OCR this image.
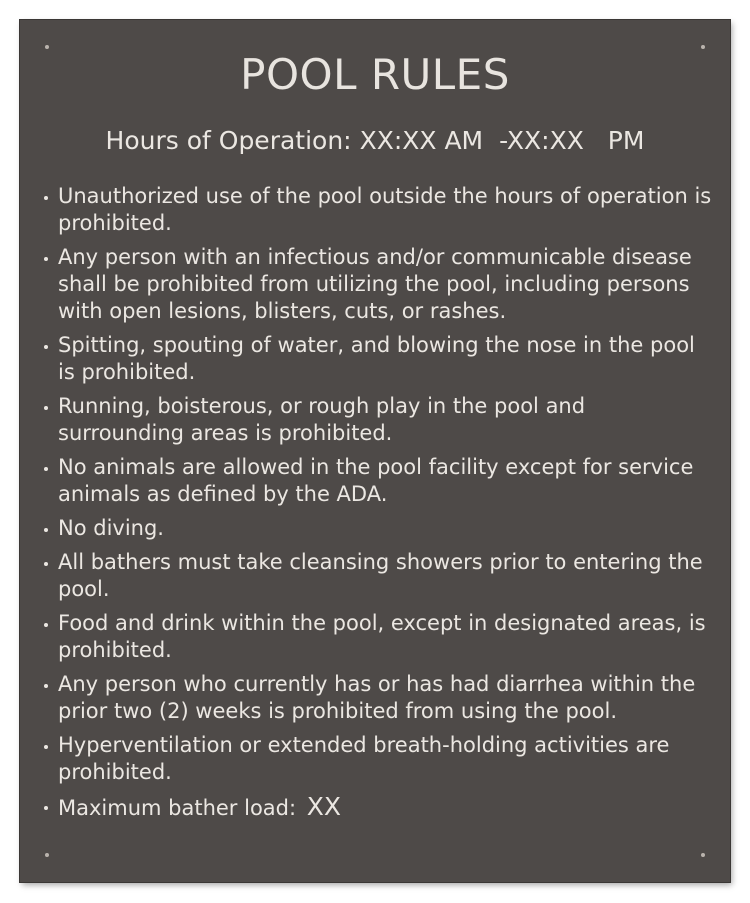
POOL RULES
Hours of Operation: XX:XX AM -XX:XX PM
Unauthorized use of the pool outside the hours of operation is prohibited.
Any person with an infectious and/or communicable disease shall be prohibited from utilizing the pool, including persons with open lesions, blisters, cuts, or rashes.
Spitting, spouting of water, and blowing the nose in the pool is prohibited.
Running, boisterous, or rough play in the pool and surrounding areas is prohibited.
No animals are allowed in the pool facility except for service animals as defined by the ADA.
No diving.
All bathers must take cleansing showers prior to entering the pool.
Food and drink within the pool, except in designated areas, is prohibited.
Any person who currently has or has had diarrhea within the prior two (2) weeks is prohibited from using the pool.
Hyperventilation or extended breath-holding activities are prohibited.
Maximum bather load: XX
